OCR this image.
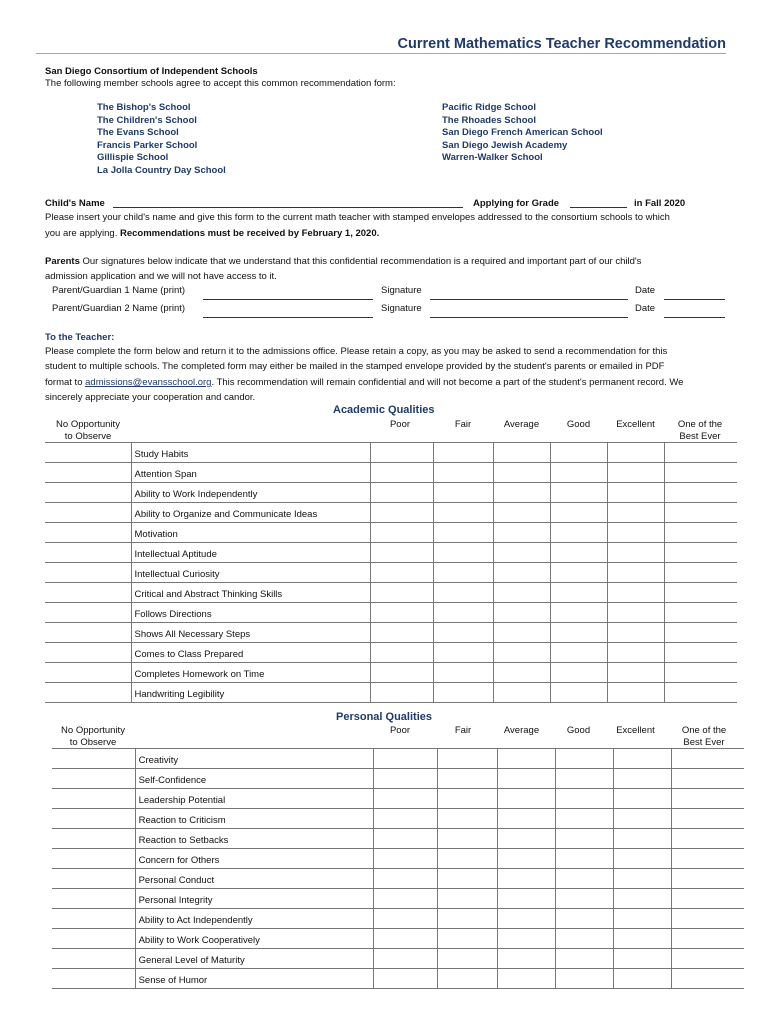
Current Mathematics Teacher Recommendation
San Diego Consortium of Independent Schools
The following member schools agree to accept this common recommendation form:
The Bishop's School
The Children's School
The Evans School
Francis Parker School
Gillispie School
La Jolla Country Day School
Pacific Ridge School
The Rhoades School
San Diego French American School
San Diego Jewish Academy
Warren-Walker School
Child's Name	Applying for Grade	in Fall 2020
Please insert your child's name and give this form to the current math teacher with stamped envelopes addressed to the consortium schools to which
you are applying. Recommendations must be received by February 1, 2020.
Parents Our signatures below indicate that we understand that this confidential recommendation is a required and important part of our child's
admission application and we will not have access to it.
Parent/Guardian 1 Name (print)	Signature	Date
Parent/Guardian 2 Name (print)	Signature	Date
To the Teacher:
Please complete the form below and return it to the admissions office. Please retain a copy, as you may be asked to send a recommendation for this
student to multiple schools. The completed form may either be mailed in the stamped envelope provided by the student's parents or emailed in PDF
format to admissions@evansschool.org. This recommendation will remain confidential and will not become a part of the student's permanent record. We
sincerely appreciate your cooperation and candor.
Academic Qualities
No Opportunity
to Observe
Poor	Fair	Average	Good	Excellent	One of the
Best Ever
	Study Habits						
	Attention Span						
	Ability to Work Independently						
	Ability to Organize and Communicate Ideas						
	Motivation						
	Intellectual Aptitude						
	Intellectual Curiosity						
	Critical and Abstract Thinking Skills						
	Follows Directions						
	Shows All Necessary Steps						
	Comes to Class Prepared						
	Completes Homework on Time						
	Handwriting Legibility						
Personal Qualities
No Opportunity
to Observe
Poor	Fair	Average	Good	Excellent	One of the
Best Ever
	Creativity						
	Self-Confidence						
	Leadership Potential						
	Reaction to Criticism						
	Reaction to Setbacks						
	Concern for Others						
	Personal Conduct						
	Personal Integrity						
	Ability to Act Independently						
	Ability to Work Cooperatively						
	General Level of Maturity						
	Sense of Humor						
